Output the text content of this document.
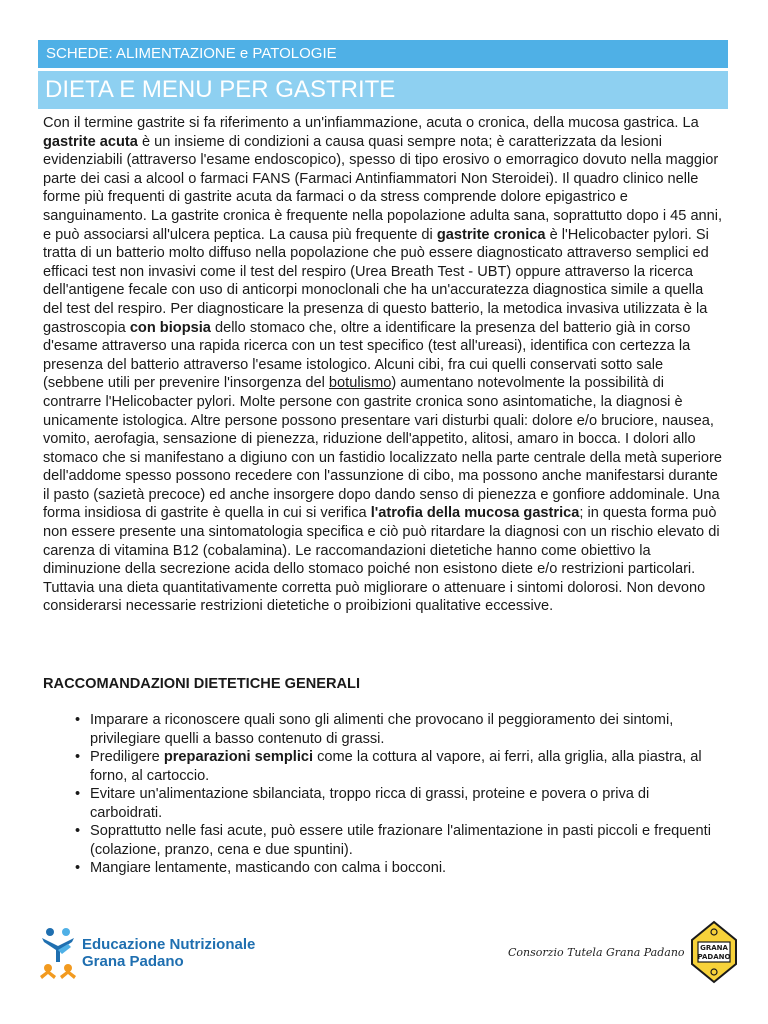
SCHEDE: ALIMENTAZIONE e PATOLOGIE
DIETA E MENU PER GASTRITE

Con il termine gastrite si fa riferimento a un'infiammazione, acuta o cronica, della mucosa gastrica. La gastrite acuta è un insieme di condizioni a causa quasi sempre nota; è caratterizzata da lesioni evidenziabili (attraverso l'esame endoscopico), spesso di tipo erosivo o emorragico dovuto nella maggior parte dei casi a alcool o farmaci FANS (Farmaci Antinfiammatori Non Steroidei). Il quadro clinico nelle forme più frequenti di gastrite acuta da farmaci o da stress comprende dolore epigastrico e sanguinamento. La gastrite cronica è frequente nella popolazione adulta sana, soprattutto dopo i 45 anni, e può associarsi all'ulcera peptica. La causa più frequente di gastrite cronica è l'Helicobacter pylori. Si tratta di un batterio molto diffuso nella popolazione che può essere diagnosticato attraverso semplici ed efficaci test non invasivi come il test del respiro (Urea Breath Test - UBT) oppure attraverso la ricerca dell'antigene fecale con uso di anticorpi monoclonali che ha un'accuratezza diagnostica simile a quella del test del respiro. Per diagnosticare la presenza di questo batterio, la metodica invasiva utilizzata è la gastroscopia con biopsia dello stomaco che, oltre a identificare la presenza del batterio già in corso d'esame attraverso una rapida ricerca con un test specifico (test all'ureasi), identifica con certezza la presenza del batterio attraverso l'esame istologico. Alcuni cibi, fra cui quelli conservati sotto sale (sebbene utili per prevenire l'insorgenza del botulismo) aumentano notevolmente la possibilità di contrarre l'Helicobacter pylori. Molte persone con gastrite cronica sono asintomatiche, la diagnosi è unicamente istologica. Altre persone possono presentare vari disturbi quali: dolore e/o bruciore, nausea, vomito, aerofagia, sensazione di pienezza, riduzione dell'appetito, alitosi, amaro in bocca. I dolori allo stomaco che si manifestano a digiuno con un fastidio localizzato nella parte centrale della metà superiore dell'addome spesso possono recedere con l'assunzione di cibo, ma possono anche manifestarsi durante il pasto (sazietà precoce) ed anche insorgere dopo dando senso di pienezza e gonfiore addominale. Una forma insidiosa di gastrite è quella in cui si verifica l'atrofia della mucosa gastrica; in questa forma può non essere presente una sintomatologia specifica e ciò può ritardare la diagnosi con un rischio elevato di carenza di vitamina B12 (cobalamina). Le raccomandazioni dietetiche hanno come obiettivo la diminuzione della secrezione acida dello stomaco poiché non esistono diete e/o restrizioni particolari. Tuttavia una dieta quantitativamente corretta può migliorare o attenuare i sintomi dolorosi. Non devono considerarsi necessarie restrizioni dietetiche o proibizioni qualitative eccessive.

RACCOMANDAZIONI DIETETICHE GENERALI
• Imparare a riconoscere quali sono gli alimenti che provocano il peggioramento dei sintomi, privilegiare quelli a basso contenuto di grassi.
• Prediligere preparazioni semplici come la cottura al vapore, ai ferri, alla griglia, alla piastra, al forno, al cartoccio.
• Evitare un'alimentazione sbilanciata, troppo ricca di grassi, proteine e povera o priva di carboidrati.
• Soprattutto nelle fasi acute, può essere utile frazionare l'alimentazione in pasti piccoli e frequenti (colazione, pranzo, cena e due spuntini).
• Mangiare lentamente, masticando con calma i bocconi.
Educazione Nutrizionale
Grana Padano
Consorzio Tutela Grana Padano GRANA
PADANO
